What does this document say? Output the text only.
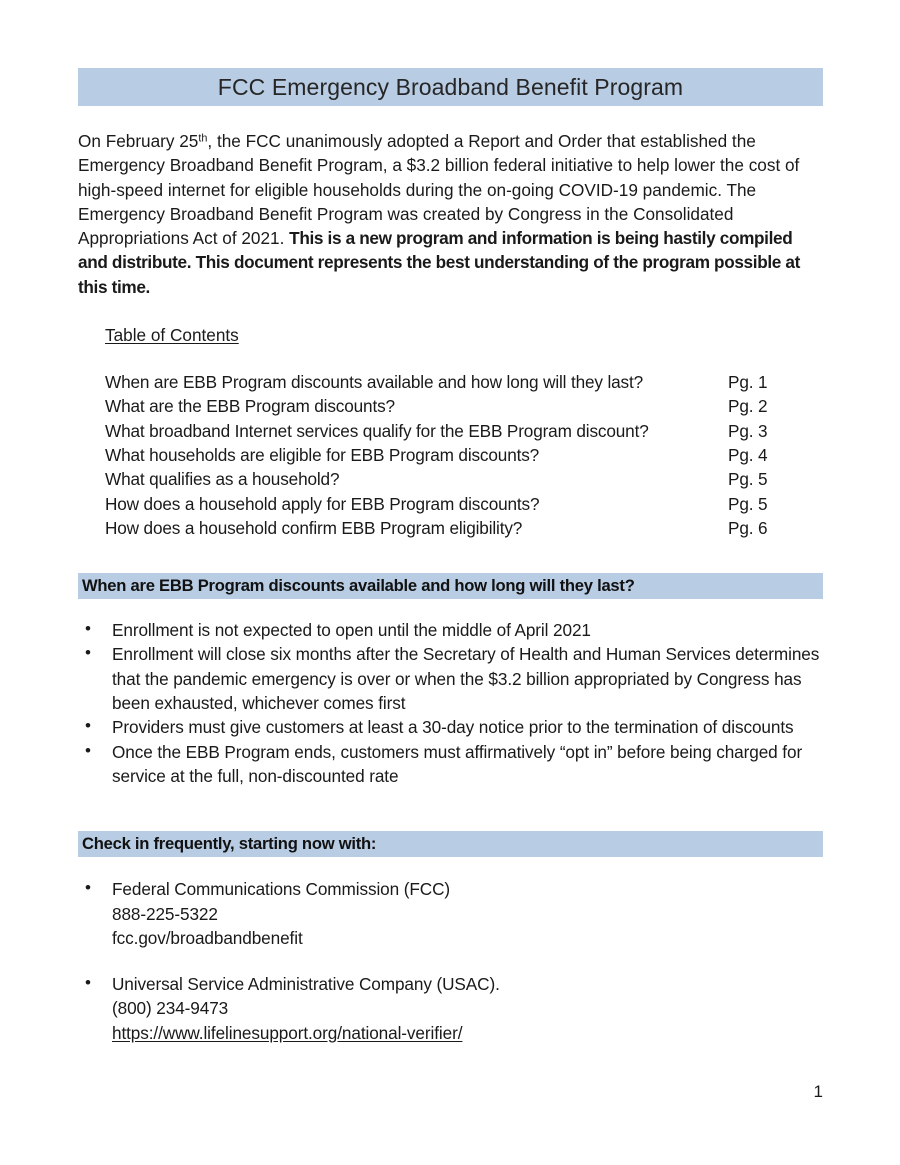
FCC Emergency Broadband Benefit Program

On February 25th, the FCC unanimously adopted a Report and Order that established the Emergency Broadband Benefit Program, a $3.2 billion federal initiative to help lower the cost of high-speed internet for eligible households during the on-going COVID-19 pandemic. The Emergency Broadband Benefit Program was created by Congress in the Consolidated Appropriations Act of 2021. This is a new program and information is being hastily compiled and distribute. This document represents the best understanding of the program possible at this time.

Table of Contents
When are EBB Program discounts available and how long will they last?	Pg. 1
What are the EBB Program discounts?	Pg. 2
What broadband Internet services qualify for the EBB Program discount?	Pg. 3
What households are eligible for EBB Program discounts?	Pg. 4
What qualifies as a household?	Pg. 5
How does a household apply for EBB Program discounts?	Pg. 5
How does a household confirm EBB Program eligibility?	Pg. 6
When are EBB Program discounts available and how long will they last?
• Enrollment is not expected to open until the middle of April 2021
• Enrollment will close six months after the Secretary of Health and Human Services determines that the pandemic emergency is over or when the $3.2 billion appropriated by Congress has been exhausted, whichever comes first
• Providers must give customers at least a 30-day notice prior to the termination of discounts
• Once the EBB Program ends, customers must affirmatively “opt in” before being charged for service at the full, non-discounted rate
Check in frequently, starting now with:
• Federal Communications Commission (FCC)
888-225-5322
fcc.gov/broadbandbenefit
• Universal Service Administrative Company (USAC).
(800) 234-9473
https://www.lifelinesupport.org/national-verifier/
1
